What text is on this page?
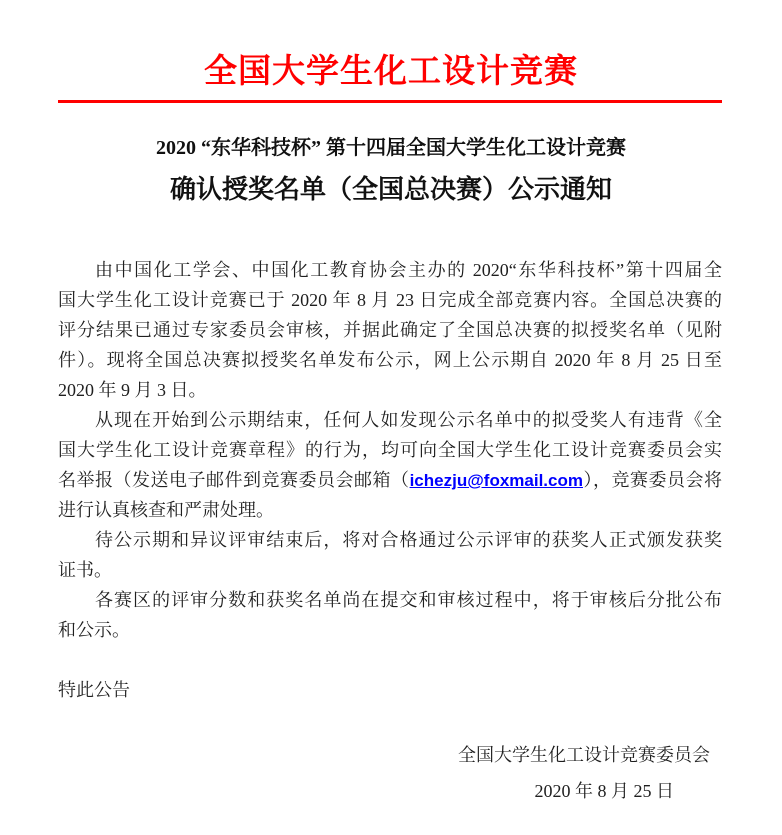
全国大学生化工设计竞赛
2020 “东华科技杯” 第十四届全国大学生化工设计竞赛
确认授奖名单（全国总决赛）公示通知
由中国化工学会、中国化工教育协会主办的 2020“东华科技杯”第十四届全
国大学生化工设计竞赛已于 2020 年 8 月 23 日完成全部竞赛内容。全国总决赛的
评分结果已通过专家委员会审核，并据此确定了全国总决赛的拟授奖名单（见附
件）。现将全国总决赛拟授奖名单发布公示，网上公示期自 2020 年 8 月 25 日至
2020 年 9 月 3 日。
从现在开始到公示期结束，任何人如发现公示名单中的拟受奖人有违背《全
国大学生化工设计竞赛章程》的行为，均可向全国大学生化工设计竞赛委员会实
名举报（发送电子邮件到竞赛委员会邮箱（ichezju@foxmail.com），竞赛委员会将
进行认真核查和严肃处理。
待公示期和异议评审结束后，将对合格通过公示评审的获奖人正式颁发获奖
证书。
各赛区的评审分数和获奖名单尚在提交和审核过程中，将于审核后分批公布
和公示。
特此公告
全国大学生化工设计竞赛委员会
2020 年 8 月 25 日
